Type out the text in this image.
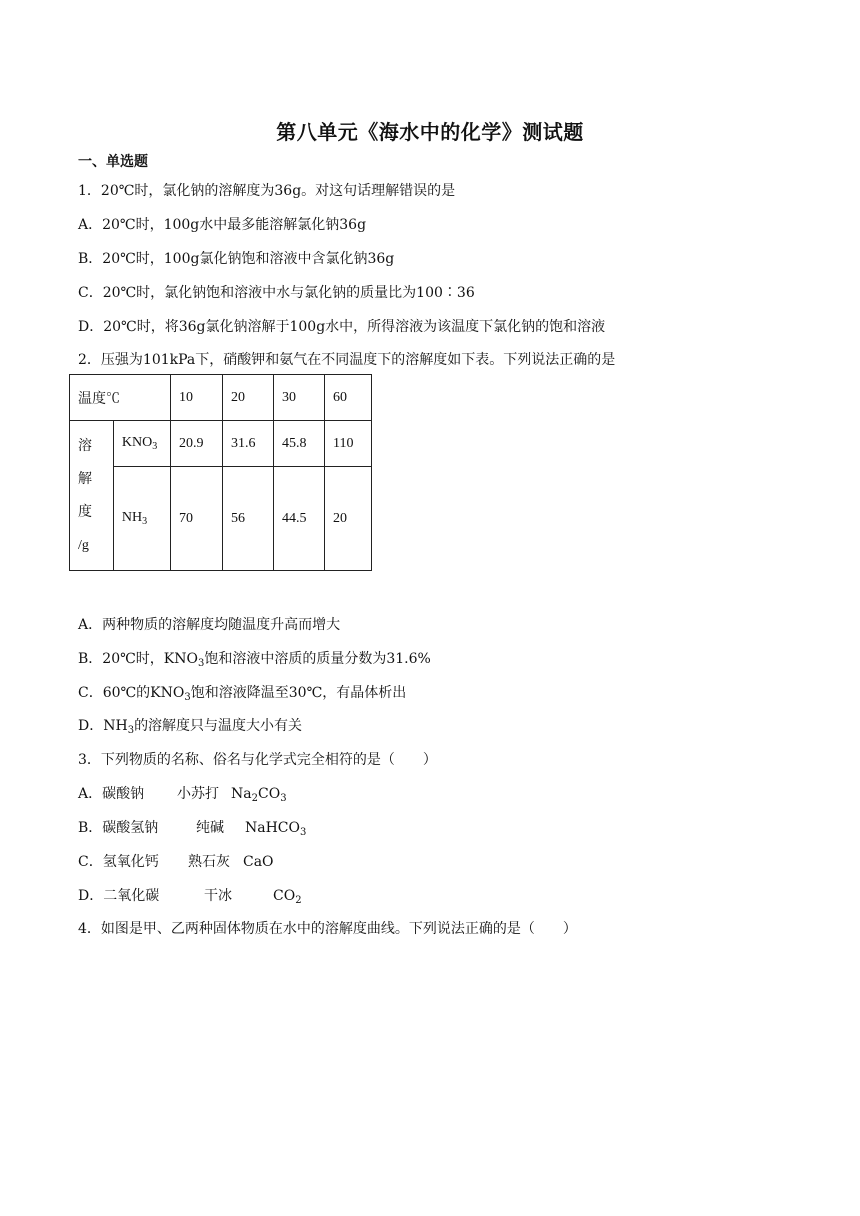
第八单元《海水中的化学》测试题
一、单选题
1．20℃时，氯化钠的溶解度为36g。对这句话理解错误的是
A．20℃时，100g水中最多能溶解氯化钠36g
B．20℃时，100g氯化钠饱和溶液中含氯化钠36g
C．20℃时，氯化钠饱和溶液中水与氯化钠的质量比为100∶36
D．20℃时，将36g氯化钠溶解于100g水中，所得溶液为该温度下氯化钠的饱和溶液
2．压强为101kPa下，硝酸钾和氨气在不同温度下的溶解度如下表。下列说法正确的是
温度℃		10	20	30	60

溶
解
度
/g	$KNO_3$	20.9	31.6	45.8	110
	$NH_3$	70	56	44.5	20
A．两种物质的溶解度均随温度升高而增大
B．20℃时，$KNO_3$饱和溶液中溶质的质量分数为31.6%
C．60℃的$KNO_3$饱和溶液降温至30℃，有晶体析出
D．$NH_3$的溶解度只与温度大小有关
3．下列物质的名称、俗名与化学式完全相符的是（　　）
A．碳酸钠 小苏打 $Na_2CO_3$
B．碳酸氢钠	纯碱 NaHCO$_3$
C．氢氧化钙 熟石灰 CaO
D．二氧化碳	干冰	$CO_2$
4．如图是甲、乙两种固体物质在水中的溶解度曲线。下列说法正确的是（　　）
